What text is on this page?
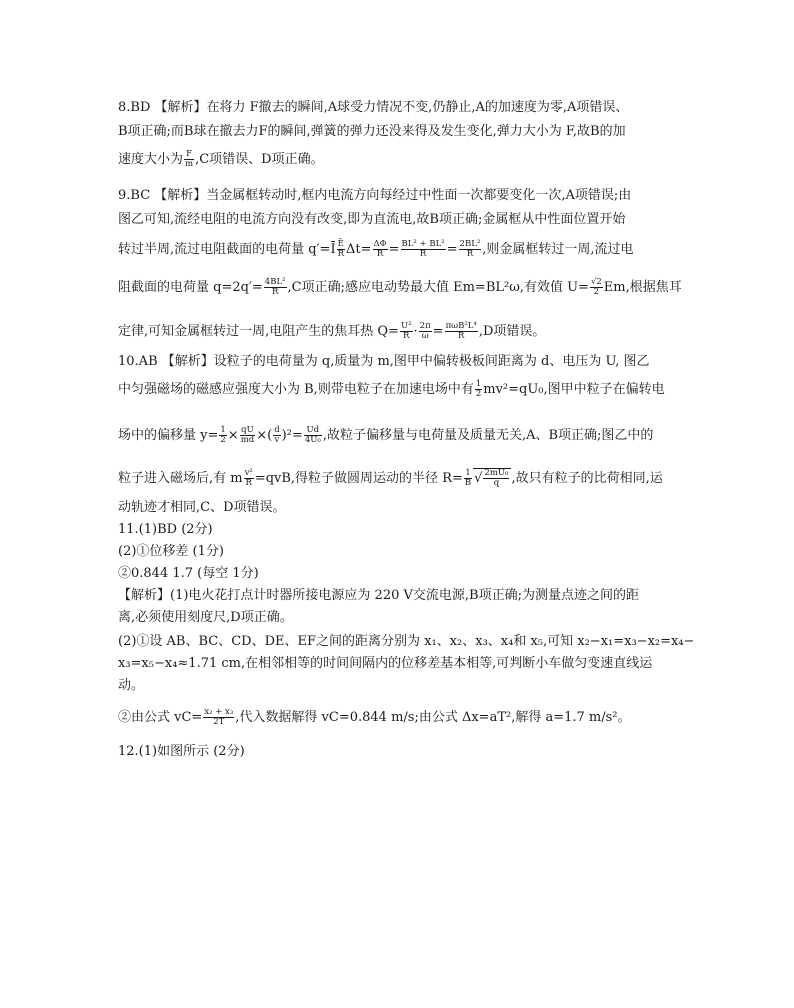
8.BD 【解析】在将力 F撤去的瞬间,A球受力情况不变,仍静止,A的加速度为零,A项错误、
B项正确;而B球在撤去力F的瞬间,弹簧的弹力还没来得及发生变化,弹力大小为 F,故B的加
速度大小为 $\frac{F}{m} ,C$项错误、D项正确。
9.BC 【解析】当金属框转动时,框内电流方向每经过中性面一次都要变化一次,A项错误;由
图乙可知,流经电阻的电流方向没有改变,即为直流电,故B项正确;金属框从中性面位置开始
转过半周,流过电阻截面的电荷量 q′=Ī $\frac{Ē}{R} \Delta t= \frac{\Delta\Phi}{R} = \frac{\text{BL² + BL²}}{R} = \frac{\text{2BL²}}{R}$ ,则金属框转过一周,流过电
阻截面的电荷量 $q=2q'= \frac{\text{4BL²}}{R} ,C$项正确;感应电动势最大值 Em=BL²ω,有效值 $U= \frac{√2}{2} Em$,根据焦耳
定律,可知金属框转过一周,电阻产生的焦耳热 $Q= \frac{\text{U²}}{R} \cdot \frac{2\pi}{\omega} = \pi\omega B^2L^4$
R	,D项错误。
10.AB 【解析】设粒子的电荷量为 q,质量为 m,图甲中偏转极板间距离为 d、电压为 U, 图乙
中匀强磁场的磁感应强度大小为 B,则带电粒子在加速电场中有 $\frac{1}{2} mv^2=qU_0$,图甲中粒子在偏转电
场中的偏移量 $y= \frac{1}{2} \times \frac{qU}{md}$ ×( $\frac{d}{v} )^2= \frac{Ud}{\text{4U₀}}$ ,故粒子偏移量与电荷量及质量无关,A、B项正确;图乙中的
粒子进入磁场后,有 m $\frac{\text{v²}}{R} =qvB$,得粒子做圆周运动的半径 $R= \frac{1}{B}$ √ $\frac{\text{2mU₀}}{q}$ ,故只有粒子的比荷相同,运
动轨迹才相同,C、D项错误。
11.(1)BD (2分)
(2)①位移差 (1分)
②0.844 1.7 (每空 1分)
【解析】(1)电火花打点计时器所接电源应为 220 V交流电源,B项正确;为测量点迹之间的距
离,必须使用刻度尺,D项正确。
(2)①设 AB、BC、CD、DE、EF之间的距离分别为 x₁、x₂、x₃、x₄和 x₅,可知 x₂−x₁=x₃−x₂=x₄−
x₃=x₅−x₄≈1.71 cm,在相邻相等的时间间隔内的位移差基本相等,可判断小车做匀变速直线运
动。
②由公式 $vC= \frac{\text{x₂ + x₃}}{2T}$ ,代入数据解得 vC=0.844 m/s;由公式 Δx=aT²,解得 a=1.7 m/s²。
12.(1)如图所示 (2分)
